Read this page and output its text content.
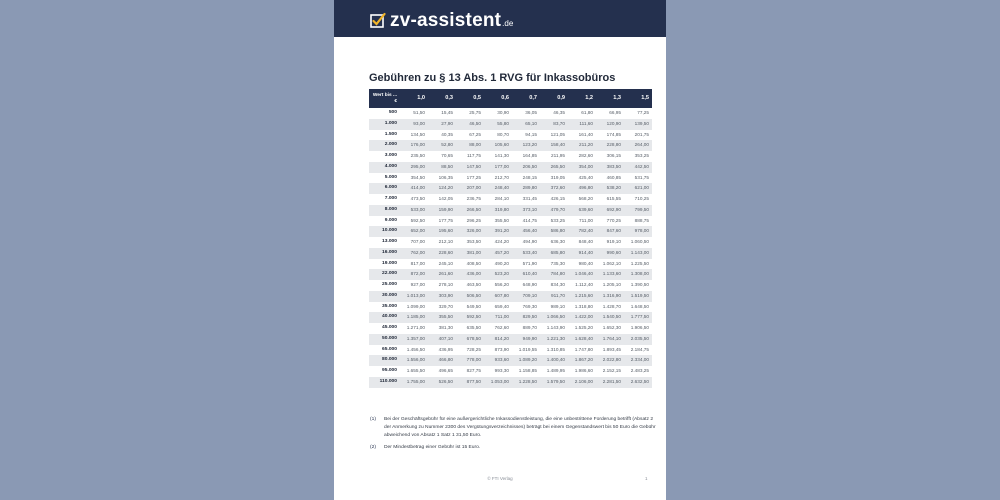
zv-assistent .de
Gebühren zu § 13 Abs. 1 RVG für Inkassobüros
Wert bis ... €	1,0	0,3	0,5	0,6	0,7	0,9	1,2	1,3	1,5
500	51,50	15,45	25,75	30,90	36,05	46,35	61,80	66,95	77,25
1.000	93,00	27,90	46,50	55,80	65,10	83,70	111,60	120,90	139,50
1.500	134,50	40,35	67,25	80,70	94,15	121,05	161,40	174,85	201,75
2.000	176,00	52,80	88,00	105,60	123,20	158,40	211,20	228,80	264,00
3.000	235,50	70,65	117,75	141,30	164,85	211,95	282,60	306,15	353,25
4.000	295,00	88,50	147,50	177,00	206,50	265,50	354,00	383,50	442,50
5.000	354,50	106,35	177,25	212,70	248,15	319,05	425,40	460,85	531,75
6.000	414,00	124,20	207,00	248,40	289,80	372,60	496,80	538,20	621,00
7.000	473,50	142,05	236,75	284,10	331,45	426,15	568,20	615,55	710,25
8.000	533,00	159,90	266,50	319,80	373,10	479,70	639,60	692,90	799,50
9.000	592,50	177,75	296,25	355,50	414,75	533,25	711,00	770,25	888,75
10.000	652,00	195,60	326,00	391,20	456,40	586,80	782,40	847,60	978,00
13.000	707,00	212,10	353,50	424,20	494,90	636,30	848,40	919,10	1.060,50
16.000	762,00	228,60	381,00	457,20	533,40	685,80	914,40	990,60	1.143,00
19.000	817,00	245,10	408,50	490,20	571,90	735,30	980,40	1.062,10	1.225,50
22.000	872,00	261,60	436,00	523,20	610,40	784,80	1.046,40	1.133,60	1.308,00
25.000	927,00	278,10	463,50	556,20	648,90	834,30	1.112,40	1.205,10	1.390,50
30.000	1.013,00	303,90	506,50	607,80	709,10	911,70	1.215,60	1.316,90	1.519,50
35.000	1.099,00	329,70	549,50	659,40	769,30	989,10	1.318,80	1.428,70	1.648,50
40.000	1.185,00	355,50	592,50	711,00	829,50	1.066,50	1.422,00	1.540,50	1.777,50
45.000	1.271,00	381,30	635,50	762,60	889,70	1.143,90	1.525,20	1.652,30	1.906,50
50.000	1.357,00	407,10	678,50	814,20	949,90	1.221,30	1.628,40	1.764,10	2.035,50
65.000	1.456,50	436,95	728,25	873,90	1.019,55	1.310,85	1.747,80	1.893,45	2.184,75
80.000	1.556,00	466,80	778,00	933,60	1.089,20	1.400,40	1.867,20	2.022,80	2.334,00
95.000	1.655,50	496,65	827,75	993,30	1.158,85	1.489,95	1.986,60	2.152,15	2.483,25
110.000	1.755,00	526,50	877,50	1.053,00	1.228,50	1.579,50	2.106,00	2.281,50	2.632,50
(1)	Bei der Geschäftsgebühr für eine außergerichtliche Inkassodienstleistung, die eine unbestrittene Forderung betrifft (Absatz 2 der Anmerkung zu Nummer 2300 des Vergütungsverzeichnisses) beträgt bei einem Gegenstandswert bis 50 Euro die Gebühr abweichend von Absatz 1 Satz 1 31,50 Euro.
(2)	Der Mindestbetrag einer Gebühr ist 15 Euro.
© FTI Verlag	1
